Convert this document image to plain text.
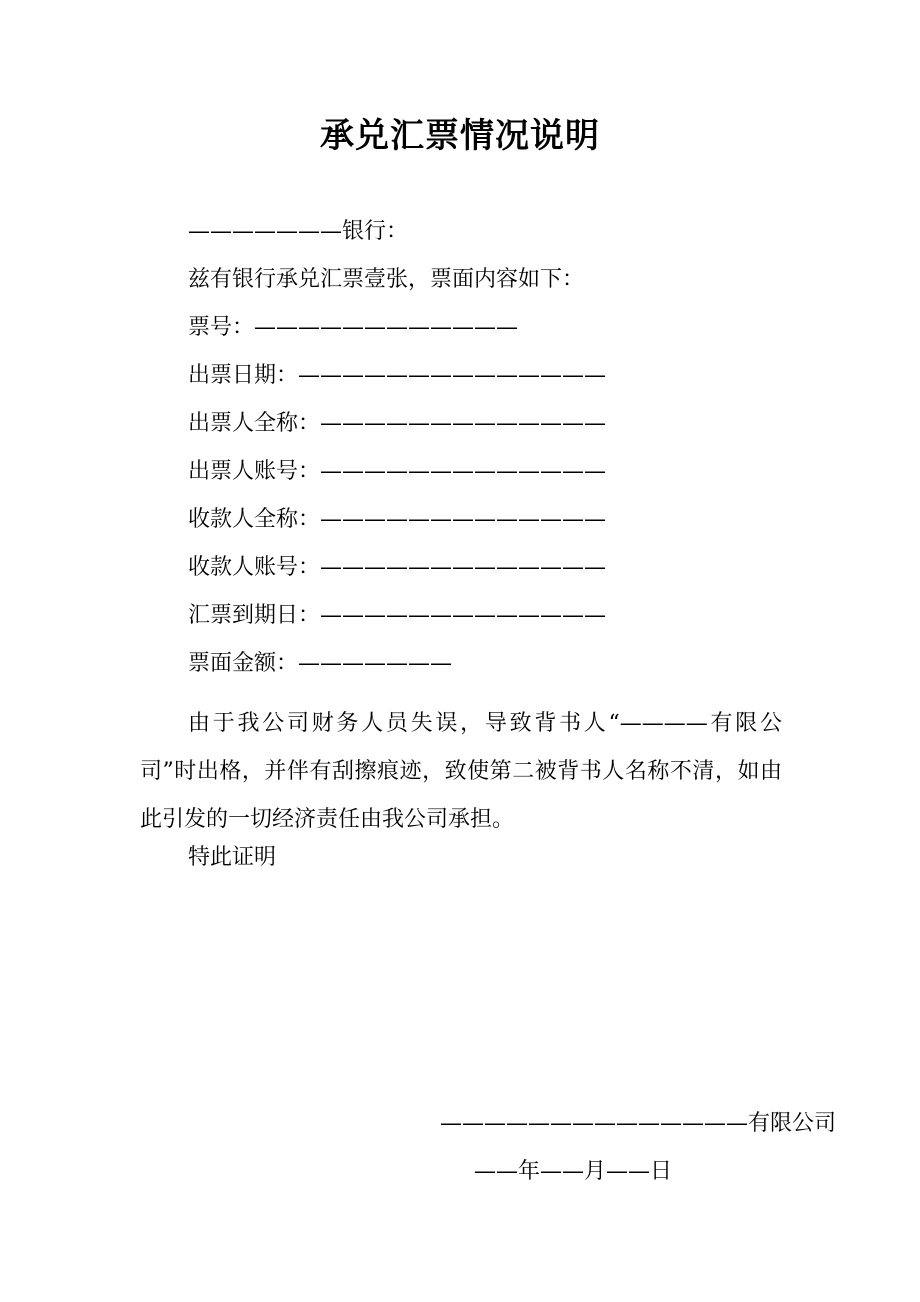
承兑汇票情况说明
———————银行：
兹有银行承兑汇票壹张，票面内容如下：
票号：————————————
出票日期：——————————————
出票人全称：—————————————
出票人账号：—————————————
收款人全称：—————————————
收款人账号：—————————————
汇票到期日：—————————————
票面金额：———————
由于我公司财务人员失误，导致背书人“————有限公司”时出格，并伴有刮擦痕迹，致使第二被背书人名称不清，如由此引发的一切经济责任由我公司承担。
特此证明
——————————————有限公司
——年——月——日
